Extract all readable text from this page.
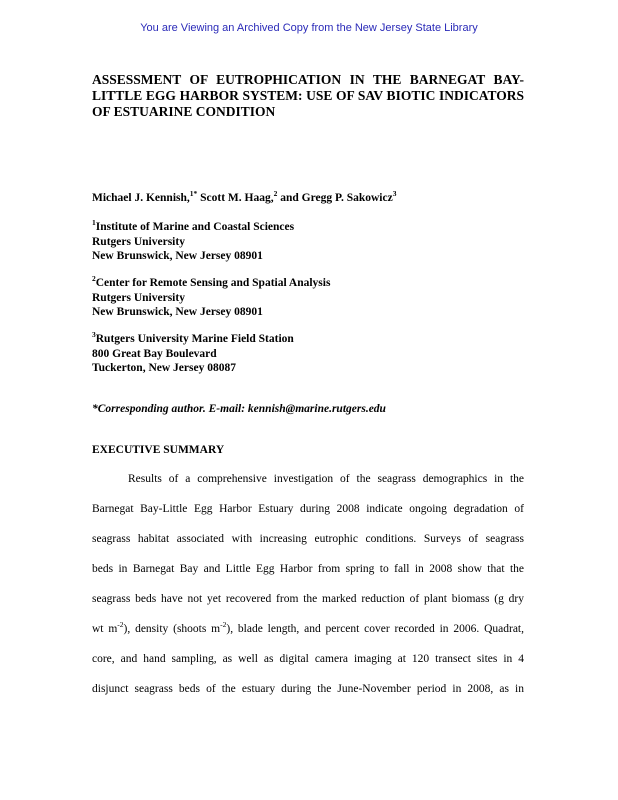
You are Viewing an Archived Copy from the New Jersey State Library
ASSESSMENT OF EUTROPHICATION IN THE BARNEGAT BAY- LITTLE EGG HARBOR SYSTEM: USE OF SAV BIOTIC INDICATORS OF ESTUARINE CONDITION
Michael J. Kennish,$^{1*}$ Scott M. Haag,$^2$ and Gregg P. Sakowicz$^3$
$^1$Institute of Marine and Coastal Sciences
Rutgers University
New Brunswick, New Jersey 08901
$^2$Center for Remote Sensing and Spatial Analysis
Rutgers University
New Brunswick, New Jersey 08901
$^3$Rutgers University Marine Field Station
800 Great Bay Boulevard
Tuckerton, New Jersey 08087
*Corresponding author. E-mail: kennish@marine.rutgers.edu
EXECUTIVE SUMMARY
Results of a comprehensive investigation of the seagrass demographics in the
Barnegat Bay-Little Egg Harbor Estuary during 2008 indicate ongoing degradation of
seagrass habitat associated with increasing eutrophic conditions. Surveys of seagrass
beds in Barnegat Bay and Little Egg Harbor from spring to fall in 2008 show that the
seagrass beds have not yet recovered from the marked reduction of plant biomass (g dry
wt $m^{-2}$), density (shoots $m^{-2}$), blade length, and percent cover recorded in 2006. Quadrat,
core, and hand sampling, as well as digital camera imaging at 120 transect sites in 4
disjunct seagrass beds of the estuary during the June-November period in 2008, as in
